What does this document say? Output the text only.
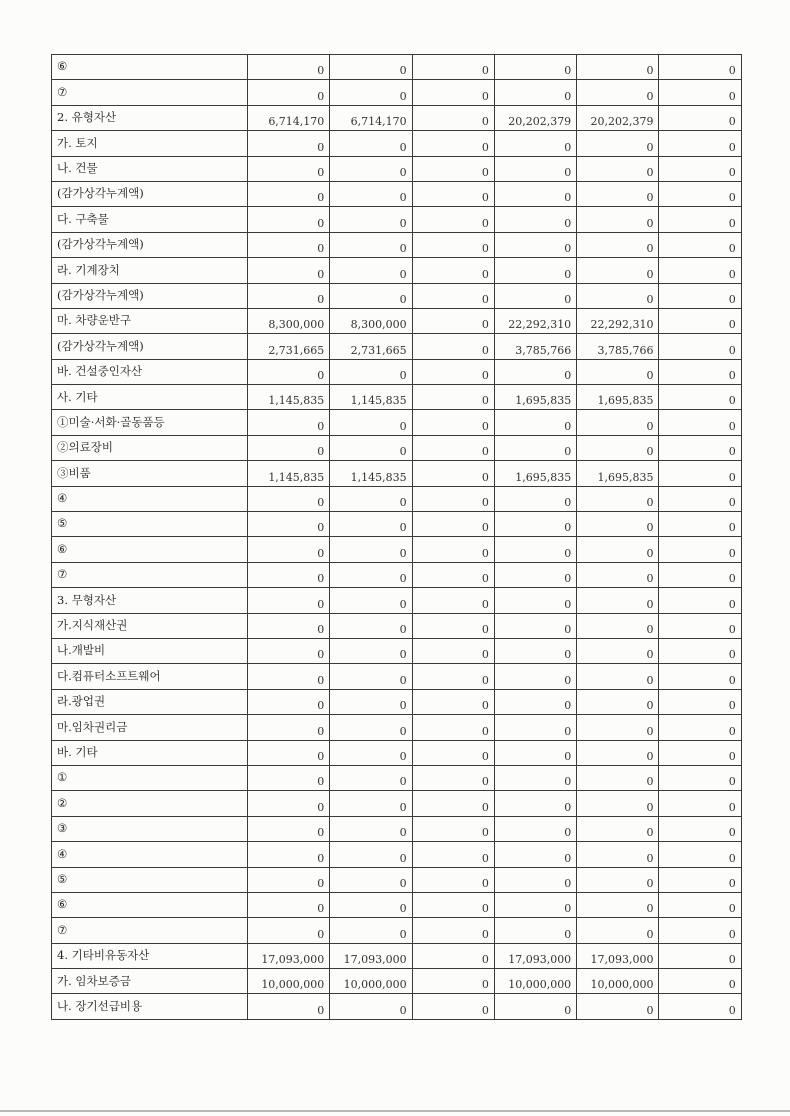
⑥	0	0	0	0	0	0
⑦	0	0	0	0	0	0
2. 유형자산	6,714,170	6,714,170	0	20,202,379	20,202,379	0
가. 토지	0	0	0	0	0	0
나. 건물	0	0	0	0	0	0
(감가상각누계액)	0	0	0	0	0	0
다. 구축물	0	0	0	0	0	0
(감가상각누계액)	0	0	0	0	0	0
라. 기계장치	0	0	0	0	0	0
(감가상각누계액)	0	0	0	0	0	0
마. 차량운반구	8,300,000	8,300,000	0	22,292,310	22,292,310	0
(감가상각누계액)	2,731,665	2,731,665	0	3,785,766	3,785,766	0
바. 건설중인자산	0	0	0	0	0	0
사. 기타	1,145,835	1,145,835	0	1,695,835	1,695,835	0
①미술·서화·골동품등	0	0	0	0	0	0
②의료장비	0	0	0	0	0	0
③비품	1,145,835	1,145,835	0	1,695,835	1,695,835	0
④	0	0	0	0	0	0
⑤	0	0	0	0	0	0
⑥	0	0	0	0	0	0
⑦	0	0	0	0	0	0
3. 무형자산	0	0	0	0	0	0
가.지식재산권	0	0	0	0	0	0
나.개발비	0	0	0	0	0	0
다.컴퓨터소프트웨어	0	0	0	0	0	0
라.광업권	0	0	0	0	0	0
마.임차권리금	0	0	0	0	0	0
바. 기타	0	0	0	0	0	0
①	0	0	0	0	0	0
②	0	0	0	0	0	0
③	0	0	0	0	0	0
④	0	0	0	0	0	0
⑤	0	0	0	0	0	0
⑥	0	0	0	0	0	0
⑦	0	0	0	0	0	0
4. 기타비유동자산	17,093,000	17,093,000	0	17,093,000	17,093,000	0
가. 임차보증금	10,000,000	10,000,000	0	10,000,000	10,000,000	0
나. 장기선급비용	0	0	0	0	0	0
